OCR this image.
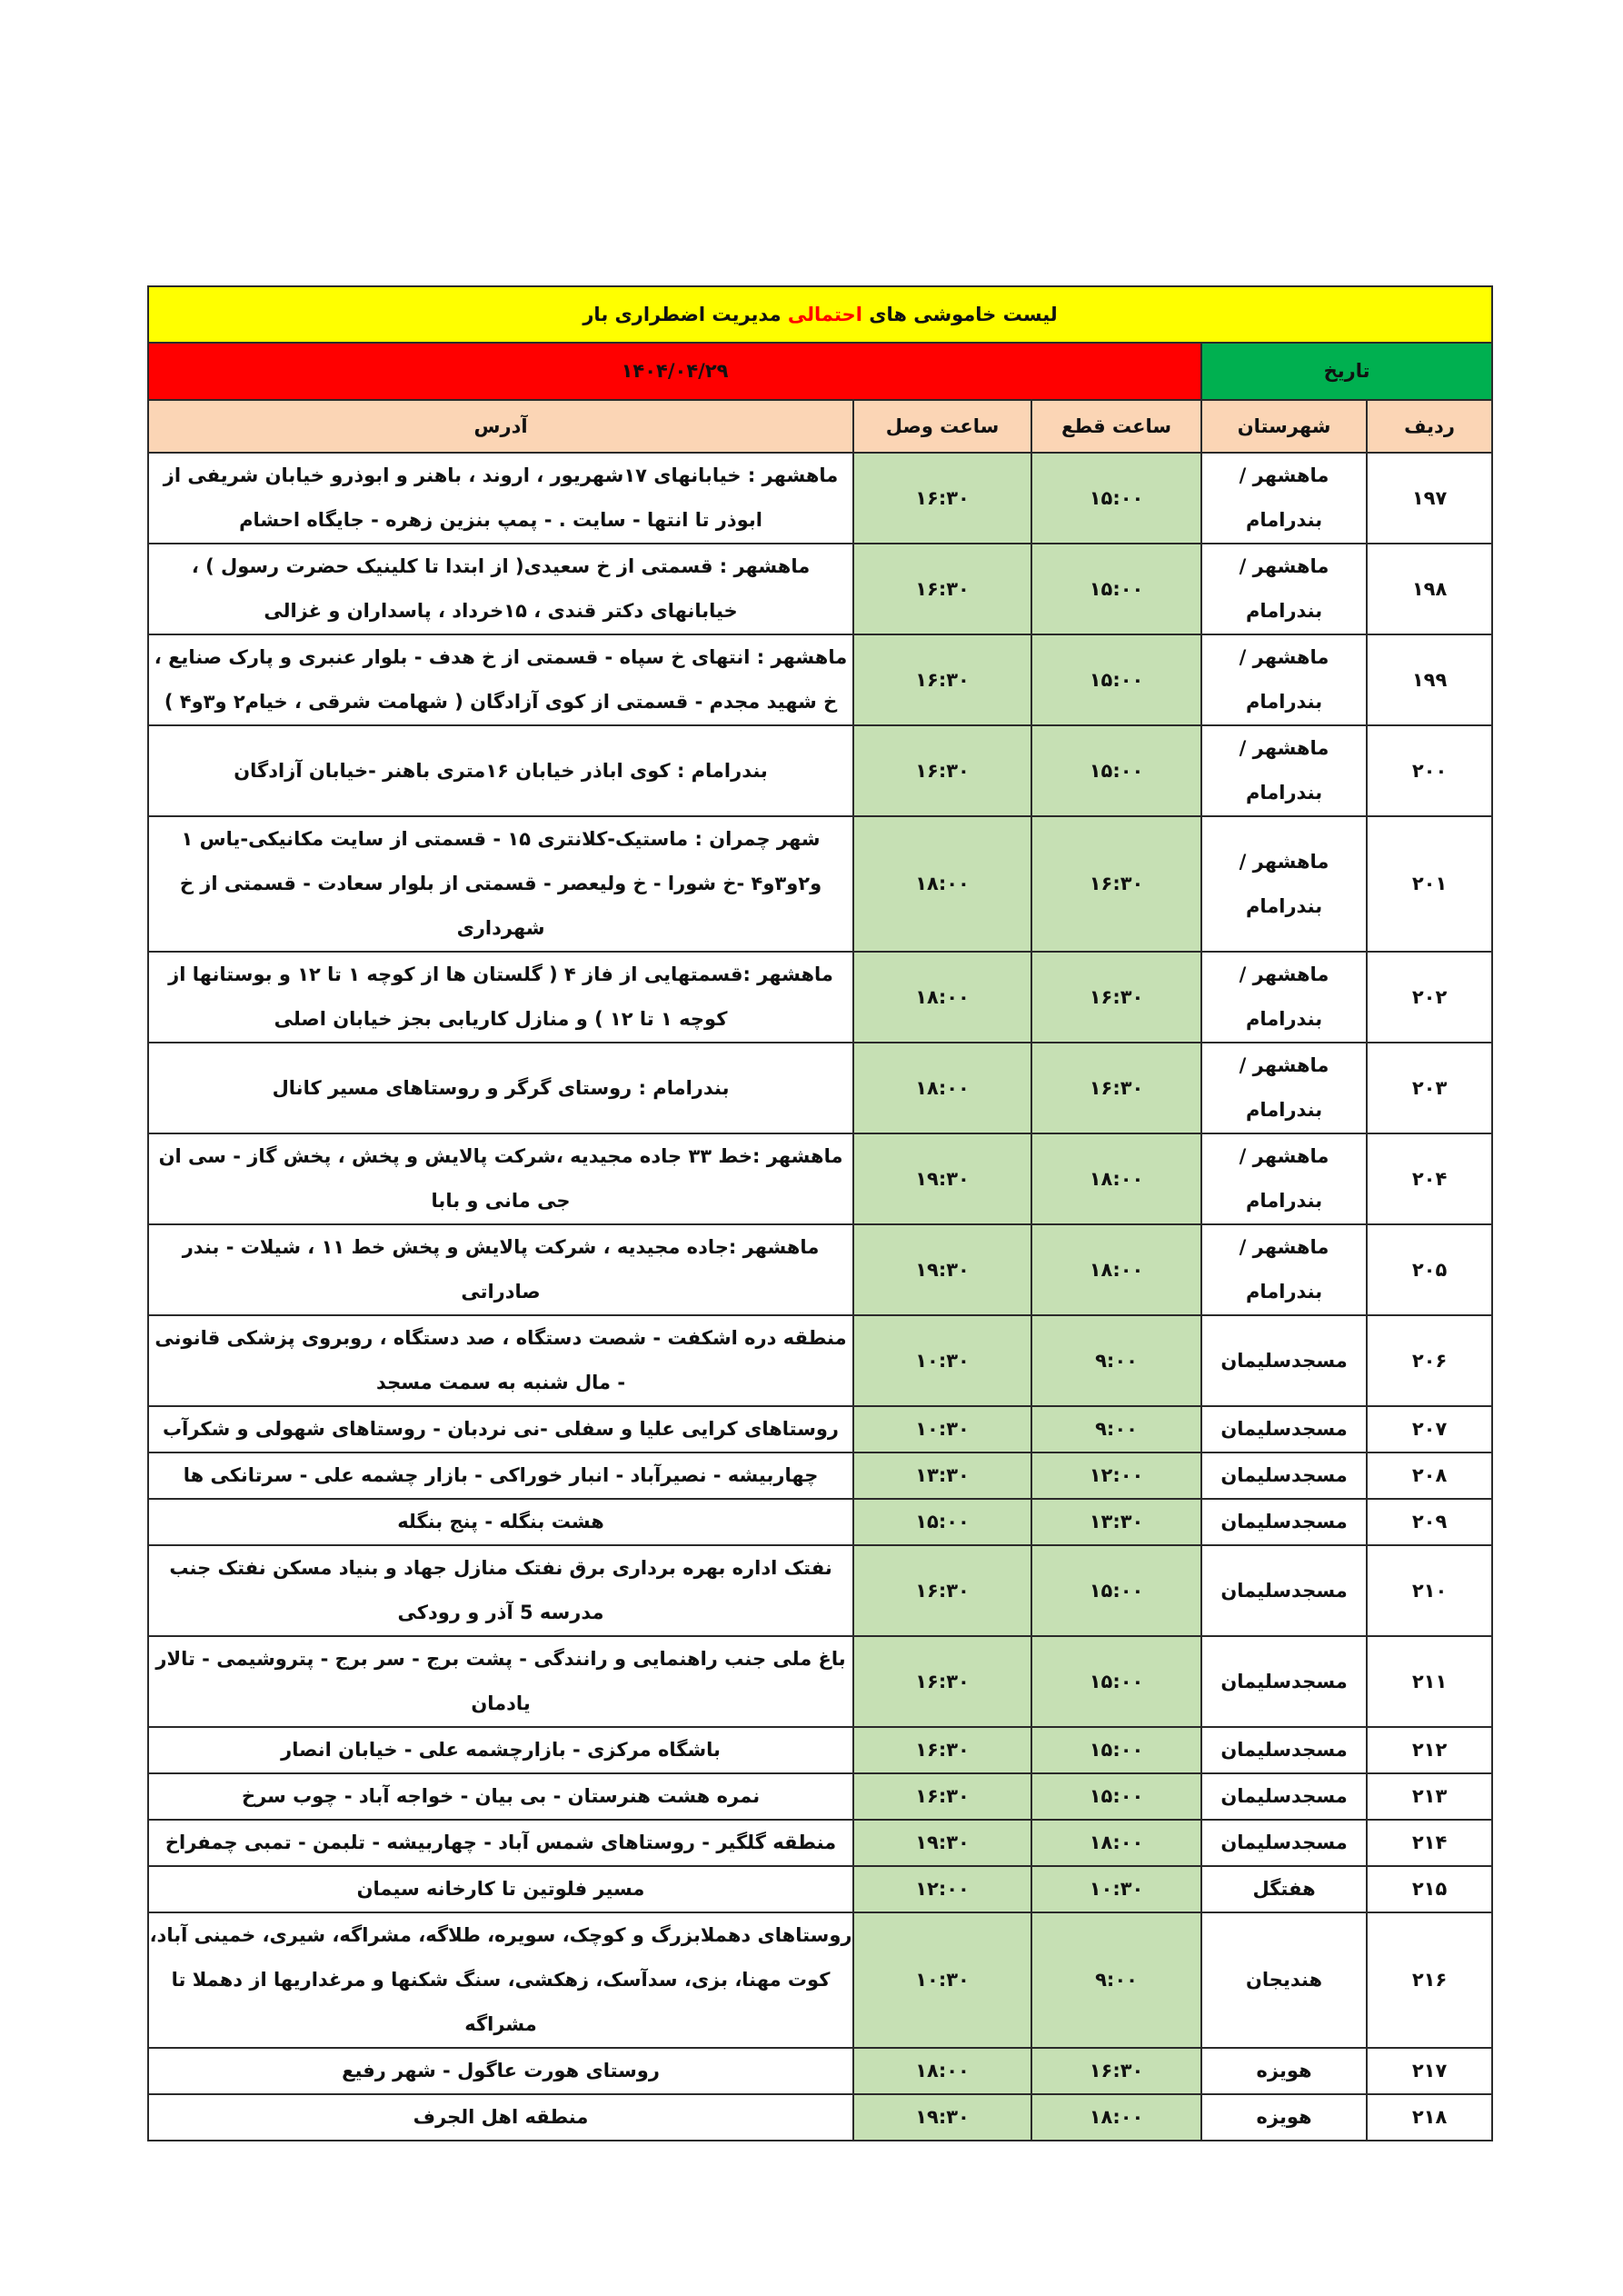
لیست خاموشی های احتمالی مدیریت اضطراری بار				
تاریخ		۱۴۰۴/۰۴/۲۹		
ردیف	شهرستان	ساعت قطع	ساعت وصل	آدرس
۱۹۷	ماهشهر /بندرامام	۱۵:۰۰	۱۶:۳۰	ماهشهر : خیابانهای ۱۷شهریور ، اروند ، باهنر و ابوذرو خیابان شریفی از ابوذر تا انتها - سایت . - پمپ بنزین زهره - جایگاه احشام
۱۹۸	ماهشهر /بندرامام	۱۵:۰۰	۱۶:۳۰	ماهشهر : قسمتی از خ سعیدی( از ابتدا تا کلینیک حضرت رسول ) ، خیابانهای دکتر قندی ، ۱۵خرداد ، پاسداران و غزالی
۱۹۹	ماهشهر /بندرامام	۱۵:۰۰	۱۶:۳۰	ماهشهر : انتهای خ سپاه - قسمتی از خ هدف - بلوار عنبری و پارک صنایع ، خ شهید مجدم - قسمتی از کوی آزادگان ( شهامت شرقی ، خیام۲ و۳و۴ )
۲۰۰	ماهشهر /بندرامام	۱۵:۰۰	۱۶:۳۰	بندرامام : کوی اباذر خیابان ۱۶متری باهنر -خیابان آزادگان
۲۰۱	ماهشهر /بندرامام	۱۶:۳۰	۱۸:۰۰	شهر چمران : ماستیک-کلانتری ۱۵ - قسمتی از سایت مکانیکی-یاس ۱ و۲و۳و۴ -خ شورا - خ ولیعصر - قسمتی از بلوار سعادت - قسمتی از خ شهرداری
۲۰۲	ماهشهر /بندرامام	۱۶:۳۰	۱۸:۰۰	ماهشهر :قسمتهایی از فاز ۴ ( گلستان ها از کوچه ۱ تا ۱۲ و بوستانها از کوچه ۱ تا ۱۲ ) و منازل کاریابی بجز خیابان اصلی
۲۰۳	ماهشهر /بندرامام	۱۶:۳۰	۱۸:۰۰	بندرامام : روستای گرگر و روستاهای مسیر کانال
۲۰۴	ماهشهر /بندرامام	۱۸:۰۰	۱۹:۳۰	ماهشهر :خط ۳۳ جاده مجیدیه ،شرکت پالایش و پخش ، پخش گاز - سی ان جی مانی و بابا
۲۰۵	ماهشهر /بندرامام	۱۸:۰۰	۱۹:۳۰	ماهشهر :جاده مجیدیه ، شرکت پالایش و پخش خط ۱۱ ، شیلات - بندر صادراتی
۲۰۶	مسجدسلیمان	۹:۰۰	۱۰:۳۰	منطقه دره اشکفت - شصت دستگاه ، صد دستگاه ، روبروی پزشکی قانونی - مال شنبه به سمت مسجد
۲۰۷	مسجدسلیمان	۹:۰۰	۱۰:۳۰	روستاهای کرایی علیا و سفلی -نی نردبان - روستاهای شهولی و شکرآب
۲۰۸	مسجدسلیمان	۱۲:۰۰	۱۳:۳۰	چهاربیشه - نصیرآباد - انبار خوراکی - بازار چشمه علی - سرتانکی ها
۲۰۹	مسجدسلیمان	۱۳:۳۰	۱۵:۰۰	هشت بنگله - پنج بنگله
۲۱۰	مسجدسلیمان	۱۵:۰۰	۱۶:۳۰	نفتک اداره بهره برداری برق نفتک منازل جهاد و بنیاد مسکن نفتک جنب مدرسه 5 آذر و رودکی
۲۱۱	مسجدسلیمان	۱۵:۰۰	۱۶:۳۰	باغ ملی جنب راهنمایی و رانندگی - پشت برج - سر برج - پتروشیمی - تالار یادمان
۲۱۲	مسجدسلیمان	۱۵:۰۰	۱۶:۳۰	باشگاه مرکزی - بازارچشمه علی - خیابان انصار
۲۱۳	مسجدسلیمان	۱۵:۰۰	۱۶:۳۰	نمره هشت هنرستان - بی بیان - خواجه آباد - چوب سرخ
۲۱۴	مسجدسلیمان	۱۸:۰۰	۱۹:۳۰	منطقه گلگیر - روستاهای شمس آباد - چهاربیشه - تلبمن - تمبی چمفراخ
۲۱۵	هفتگل	۱۰:۳۰	۱۲:۰۰	مسیر فلوتین تا کارخانه سیمان
۲۱۶	هندیجان	۹:۰۰	۱۰:۳۰	روستاهای دهملابزرگ و کوچک، سویره، طلاگه، مشراگه، شیری، خمینی آباد، کوت مهنا، بزی، سدآسک، زهکشی، سنگ شکنها و مرغداریها از دهملا تا مشراگه
۲۱۷	هویزه	۱۶:۳۰	۱۸:۰۰	روستای هورت عاگول - شهر رفیع
۲۱۸	هویزه	۱۸:۰۰	۱۹:۳۰	منطقه اهل الجرف
